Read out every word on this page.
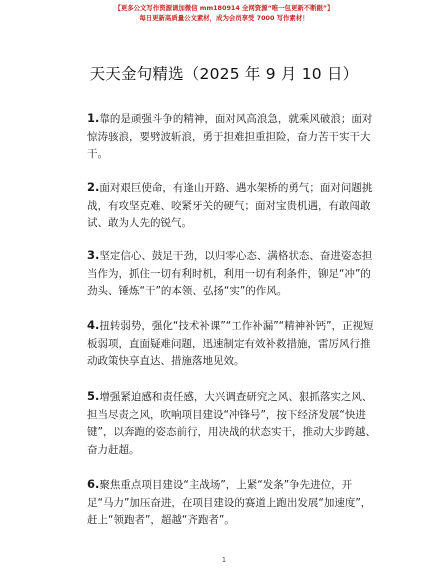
【更多公文写作资源请加微信 mm180914 全网资源“唯一包更新不断跟”】
每日更新高质量公文素材，成为会员享受 7000 写作素材！
天天金句精选（2025 年 9 月 10 日）

1.靠的是顽强斗争的精神，面对风高浪急，就乘风破浪；面对惊涛骇浪，要劈波斩浪，勇于担难担重担险，奋力苦干实干大干。

2.面对艰巨使命，有逢山开路、遇水架桥的勇气；面对问题挑战，有攻坚克难、咬紧牙关的硬气；面对宝贵机遇，有敢闯敢试、敢为人先的锐气。

3.坚定信心、鼓足干劲，以归零心态、满格状态、奋进姿态担当作为，抓住一切有利时机，利用一切有利条件，铆足“冲”的劲头、锤炼“干”的本领、弘扬“实”的作风。

4.扭转弱势，强化“技术补课”“工作补漏”“精神补钙”，正视短板弱项，直面疑难问题，迅速制定有效补救措施，雷厉风行推动政策快享直达、措施落地见效。

5.增强紧迫感和责任感，大兴调查研究之风、狠抓落实之风、担当尽责之风，吹响项目建设“冲锋号”，按下经济发展“快进键”，以奔跑的姿态前行，用决战的状态实干，推动大步跨越、奋力赶超。

6.聚焦重点项目建设“主战场”，上紧“发条”争先进位，开足“马力”加压奋进，在项目建设的赛道上跑出发展“加速度”，赶上“领跑者”，超越“齐跑者”。

1
